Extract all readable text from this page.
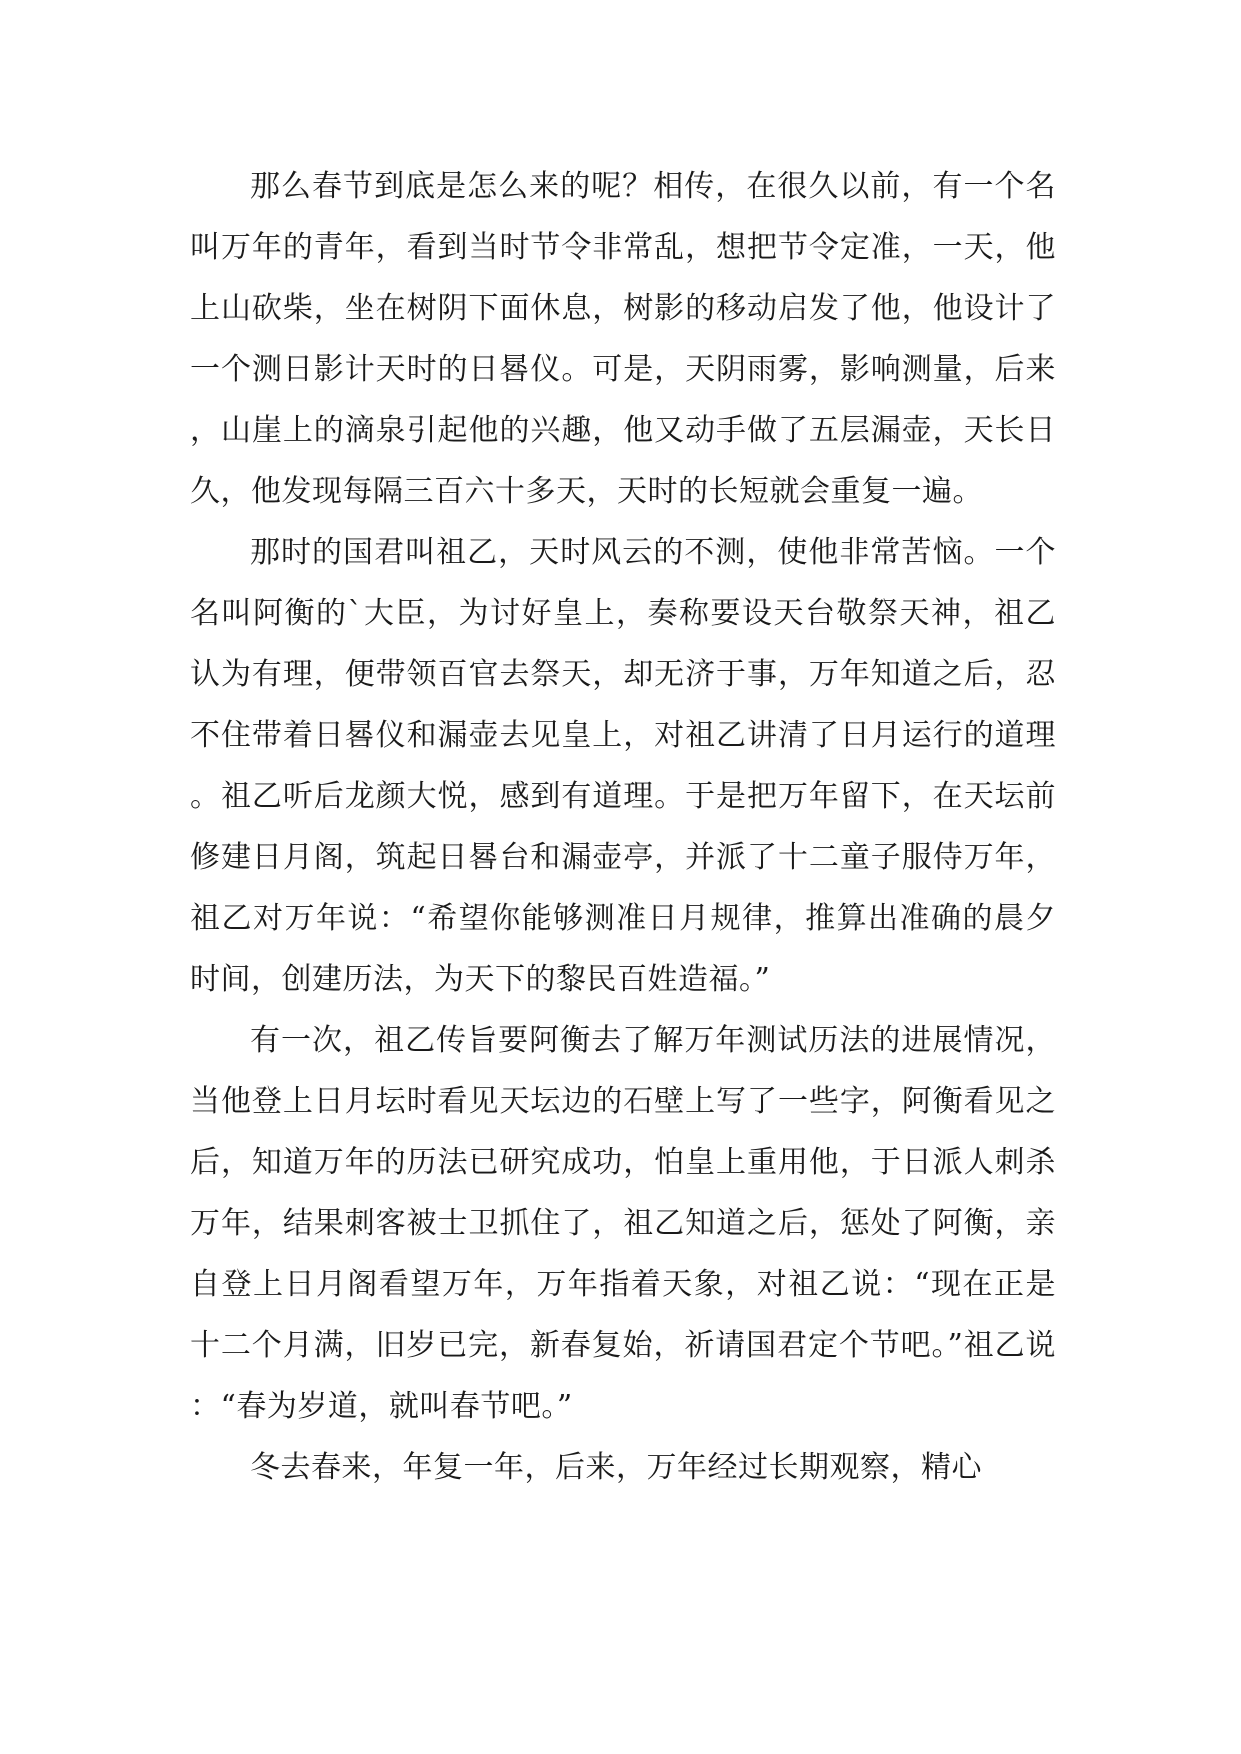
那么春节到底是怎么来的呢？相传，在很久以前，有一个名叫万年的青年，看到当时节令非常乱，想把节令定准，一天，他上山砍柴，坐在树阴下面休息，树影的移动启发了他，他设计了一个测日影计天时的日晷仪。可是，天阴雨雾，影响测量，后来，山崖上的滴泉引起他的兴趣，他又动手做了五层漏壶，天长日久，他发现每隔三百六十多天，天时的长短就会重复一遍。

那时的国君叫祖乙，天时风云的不测，使他非常苦恼。一个名叫阿衡的`大臣，为讨好皇上，奏称要设天台敬祭天神，祖乙认为有理，便带领百官去祭天，却无济于事，万年知道之后，忍不住带着日晷仪和漏壶去见皇上，对祖乙讲清了日月运行的道理。祖乙听后龙颜大悦，感到有道理。于是把万年留下，在天坛前修建日月阁，筑起日晷台和漏壶亭，并派了十二童子服侍万年，祖乙对万年说：“希望你能够测准日月规律，推算出准确的晨夕时间，创建历法，为天下的黎民百姓造福。”

有一次，祖乙传旨要阿衡去了解万年测试历法的进展情况，当他登上日月坛时看见天坛边的石壁上写了一些字，阿衡看见之后，知道万年的历法已研究成功，怕皇上重用他，于日派人刺杀万年，结果刺客被士卫抓住了，祖乙知道之后，惩处了阿衡，亲自登上日月阁看望万年，万年指着天象，对祖乙说：“现在正是十二个月满，旧岁已完，新春复始，祈请国君定个节吧。”祖乙说：“春为岁道，就叫春节吧。”

冬去春来，年复一年，后来，万年经过长期观察，精心
